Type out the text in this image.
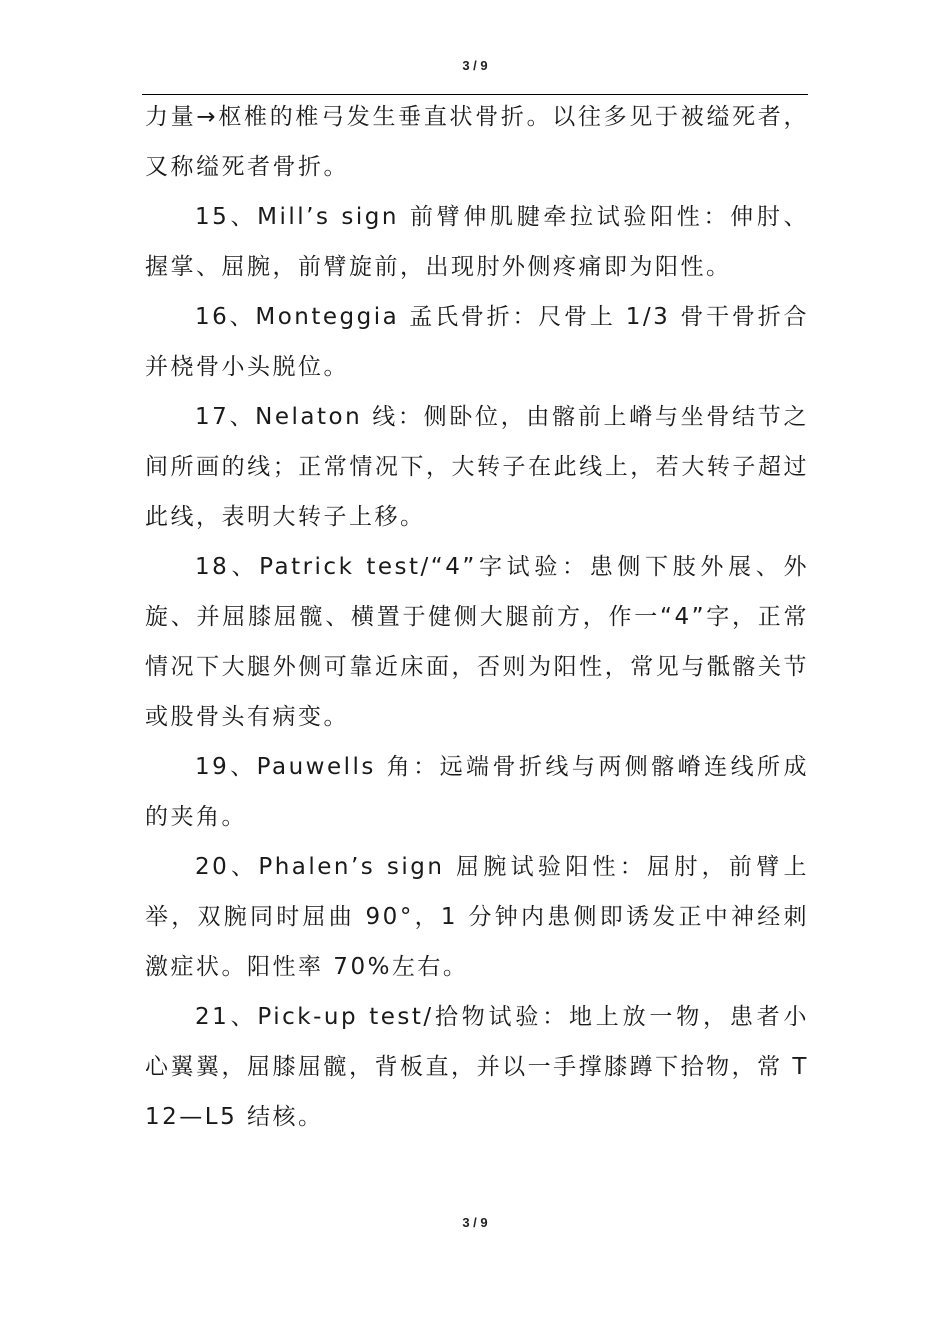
3 / 9

力量→枢椎的椎弓发生垂直状骨折。以往多见于被缢死者，又称缢死者骨折。

15、Mill’s sign 前臂伸肌腱牵拉试验阳性：伸肘、握掌、屈腕，前臂旋前，出现肘外侧疼痛即为阳性。

16、Monteggia 孟氏骨折：尺骨上 1/3 骨干骨折合并桡骨小头脱位。

17、Nelaton 线：侧卧位，由髂前上嵴与坐骨结节之间所画的线；正常情况下，大转子在此线上，若大转子超过此线，表明大转子上移。

18、Patrick test/“4”字试验：患侧下肢外展、外旋、并屈膝屈髋、横置于健侧大腿前方，作一“4”字，正常情况下大腿外侧可靠近床面，否则为阳性，常见与骶髂关节或股骨头有病变。

19、Pauwells 角：远端骨折线与两侧髂嵴连线所成的夹角。

20、Phalen’s sign 屈腕试验阳性：屈肘，前臂上举，双腕同时屈曲 90°，1 分钟内患侧即诱发正中神经刺激症状。阳性率 70%左右。

21、Pick-up test/拾物试验：地上放一物，患者小心翼翼，屈膝屈髋，背板直，并以一手撑膝蹲下拾物，常 T12—L5 结核。

3 / 9
